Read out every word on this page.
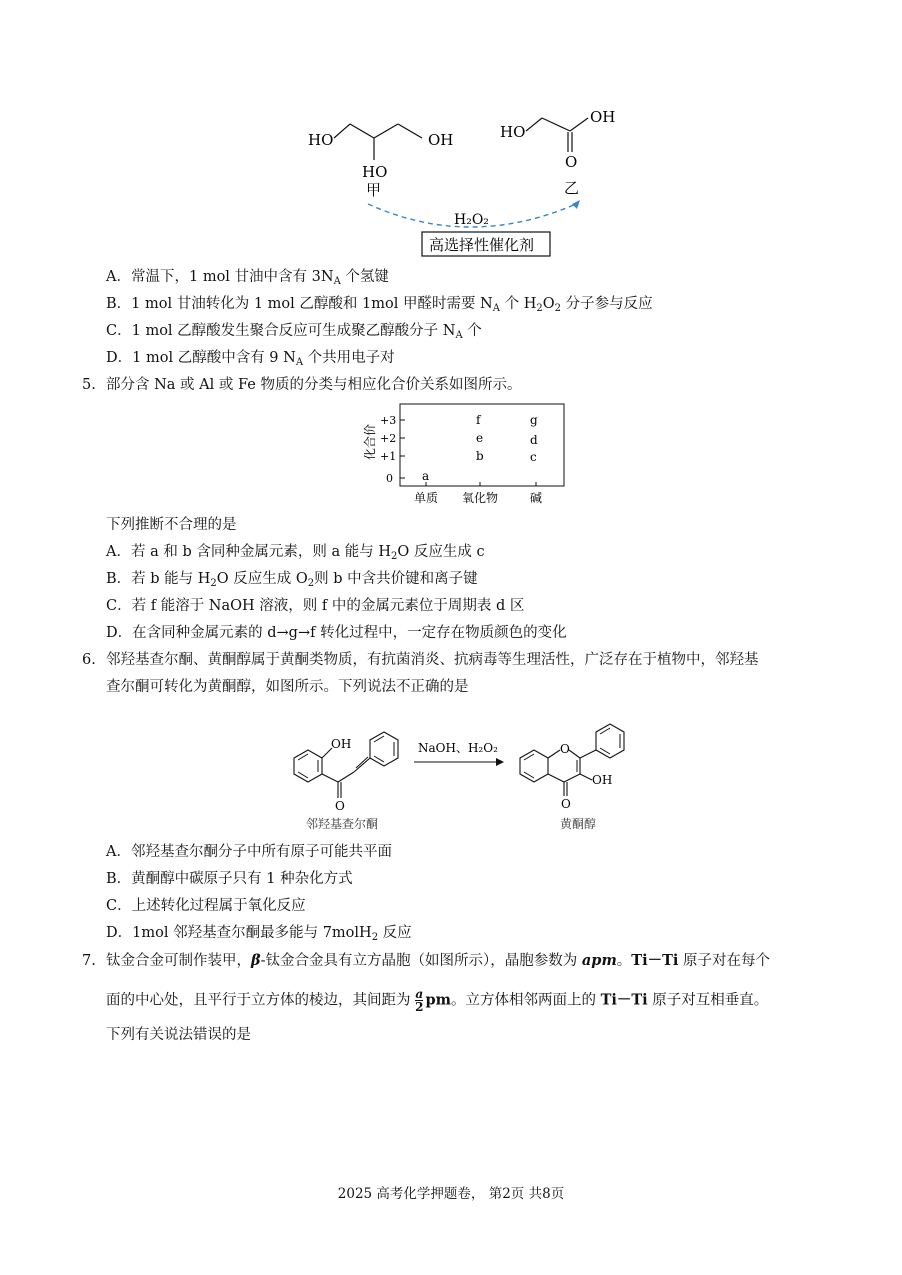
HO	OH
HO
甲
HO
OH
O
乙
H₂O₂
高选择性催化剂
A．常温下，1 mol 甘油中含有 $3N_A$ 个氢键
B．1 mol 甘油转化为 1 mol 乙醇酸和 1mol 甲醛时需要 $N_A$ 个 $H_2O_2$ 分子参与反应
C．1 mol 乙醇酸发生聚合反应可生成聚乙醇酸分子 $N_A$ 个
D．1 mol 乙醇酸中含有 9 $N_A$ 个共用电子对
5. 部分含 Na 或 Al 或 Fe 物质的分类与相应化合价关系如图所示。
化合价
+3
+2
+1
0 a
f
e
b
g
d
c
单质 氧化物	碱
下列推断不合理的是
A．若 a 和 b 含同种金属元素，则 a 能与 $H_2O$ 反应生成 c
B．若 b 能与 $H_2O$ 反应生成 $O_2$则 b 中含共价键和离子键
C．若 f 能溶于 NaOH 溶液，则 f 中的金属元素位于周期表 d 区
D．在含同种金属元素的 d→g→f 转化过程中，一定存在物质颜色的变化
6. 邻羟基查尔酮、黄酮醇属于黄酮类物质，有抗菌消炎、抗病毒等生理活性，广泛存在于植物中，邻羟基
查尔酮可转化为黄酮醇，如图所示。下列说法不正确的是
OH
O
邻羟基查尔酮
NaOH、H₂O₂	O
O
OH
黄酮醇
A．邻羟基查尔酮分子中所有原子可能共平面
B．黄酮醇中碳原子只有 1 种杂化方式
C．上述转化过程属于氧化反应
D．1mol 邻羟基查尔酮最多能与 7molH$_2$ 反应
7. 钛金合金可制作装甲，β-钛金合金具有立方晶胞（如图所示），晶胞参数为 apm。Ti－Ti 原子对在每个
面的中心处，且平行于立方体的棱边，其间距为 $\frac{a}{2}$ pm。立方体相邻两面上的 Ti－Ti 原子对互相垂直。
下列有关说法错误的是
2025 高考化学押题卷， 第2页 共8页
